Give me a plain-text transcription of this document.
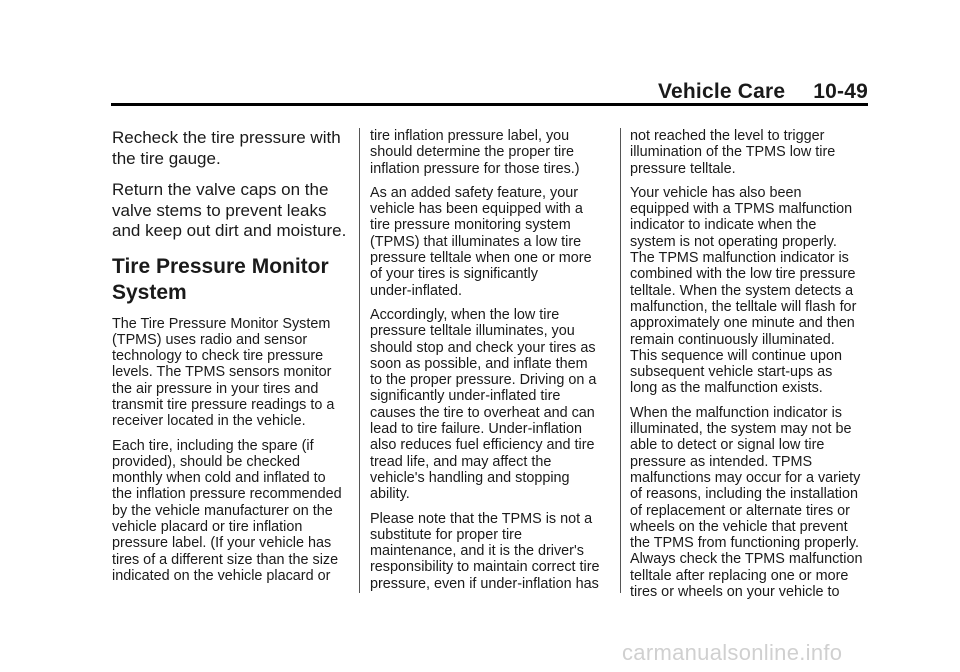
Vehicle Care 10-49

Recheck the tire pressure with
the tire gauge.

Return the valve caps on the
valve stems to prevent leaks
and keep out dirt and moisture.

Tire Pressure Monitor
System

The Tire Pressure Monitor System
(TPMS) uses radio and sensor
technology to check tire pressure
levels. The TPMS sensors monitor
the air pressure in your tires and
transmit tire pressure readings to a
receiver located in the vehicle.

Each tire, including the spare (if
provided), should be checked
monthly when cold and inflated to
the inflation pressure recommended
by the vehicle manufacturer on the
vehicle placard or tire inflation
pressure label. (If your vehicle has
tires of a different size than the size
indicated on the vehicle placard or

tire inflation pressure label, you
should determine the proper tire
inflation pressure for those tires.)

As an added safety feature, your
vehicle has been equipped with a
tire pressure monitoring system
(TPMS) that illuminates a low tire
pressure telltale when one or more
of your tires is significantly
under-inflated.

Accordingly, when the low tire
pressure telltale illuminates, you
should stop and check your tires as
soon as possible, and inflate them
to the proper pressure. Driving on a
significantly under-inflated tire
causes the tire to overheat and can
lead to tire failure. Under-inflation
also reduces fuel efficiency and tire
tread life, and may affect the
vehicle's handling and stopping
ability.

Please note that the TPMS is not a
substitute for proper tire
maintenance, and it is the driver's
responsibility to maintain correct tire
pressure, even if under-inflation has

not reached the level to trigger
illumination of the TPMS low tire
pressure telltale.

Your vehicle has also been
equipped with a TPMS malfunction
indicator to indicate when the
system is not operating properly.
The TPMS malfunction indicator is
combined with the low tire pressure
telltale. When the system detects a
malfunction, the telltale will flash for
approximately one minute and then
remain continuously illuminated.
This sequence will continue upon
subsequent vehicle start-ups as
long as the malfunction exists.

When the malfunction indicator is
illuminated, the system may not be
able to detect or signal low tire
pressure as intended. TPMS
malfunctions may occur for a variety
of reasons, including the installation
of replacement or alternate tires or
wheels on the vehicle that prevent
the TPMS from functioning properly.
Always check the TPMS malfunction
telltale after replacing one or more
tires or wheels on your vehicle to

carmanualsonline.info
